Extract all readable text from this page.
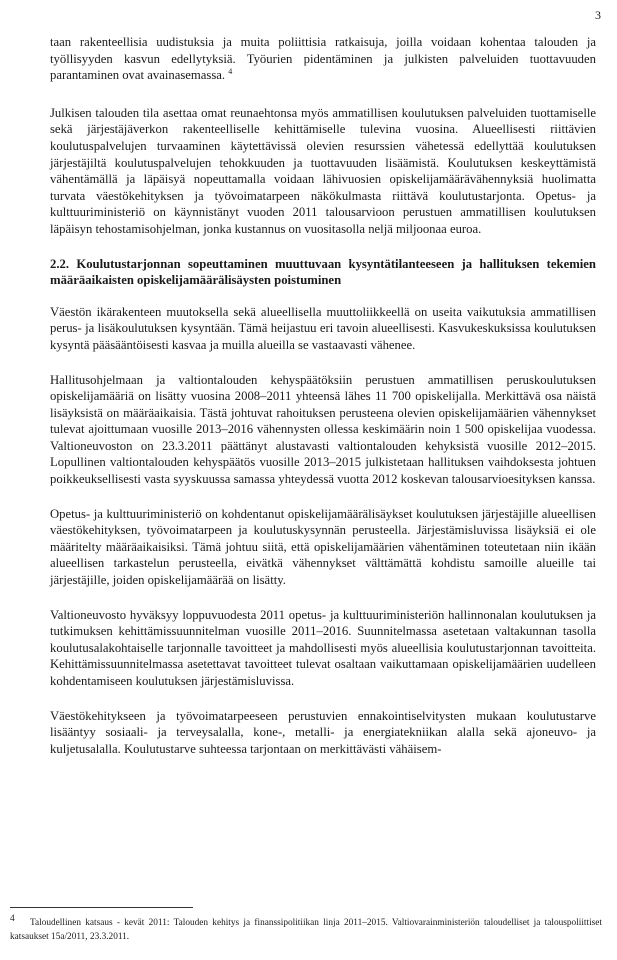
3

taan rakenteellisia uudistuksia ja muita poliittisia ratkaisuja, joilla voidaan kohentaa talouden ja työllisyyden kasvun edellytyksiä. Työurien pidentäminen ja julkisten palveluiden tuottavuuden parantaminen ovat avainasemassa. $^4$

Julkisen talouden tila asettaa omat reunaehtonsa myös ammatillisen koulutuksen palveluiden tuottamiselle sekä järjestäjäverkon rakenteelliselle kehittämiselle tulevina vuosina. Alueellisesti riittävien koulutuspalvelujen turvaaminen käytettävissä olevien resurssien vähetessä edellyttää koulutuksen järjestäjiltä koulutuspalvelujen tehokkuuden ja tuottavuuden lisäämistä. Koulutuksen keskeyttämistä vähentämällä ja läpäisyä nopeuttamalla voidaan lähivuosien opiskelijamäärävähennyksiä huolimatta turvata väestökehityksen ja työvoimatarpeen näkökulmasta riittävä koulutustarjonta. Opetus- ja kulttuuriministeriö on käynnistänyt vuoden 2011 talousarvioon perustuen ammatillisen koulutuksen läpäisyn tehostamisohjelman, jonka kustannus on vuositasolla neljä miljoonaa euroa.

2.2. Koulutustarjonnan sopeuttaminen muuttuvaan kysyntätilanteeseen ja hallituksen tekemien määräaikaisten opiskelijamäärälisäysten poistuminen

Väestön ikärakenteen muutoksella sekä alueellisella muuttoliikkeellä on useita vaikutuksia ammatillisen perus- ja lisäkoulutuksen kysyntään. Tämä heijastuu eri tavoin alueellisesti. Kasvukeskuksissa koulutuksen kysyntä pääsääntöisesti kasvaa ja muilla alueilla se vastaavasti vähenee.

Hallitusohjelmaan ja valtiontalouden kehyspäätöksiin perustuen ammatillisen peruskoulutuksen opiskelijamääriä on lisätty vuosina 2008–2011 yhteensä lähes 11 700 opiskelijalla. Merkittävä osa näistä lisäyksistä on määräaikaisia. Tästä johtuvat rahoituksen perusteena olevien opiskelijamäärien vähennykset tulevat ajoittumaan vuosille 2013–2016 vähennysten ollessa keskimäärin noin 1 500 opiskelijaa vuodessa. Valtioneuvoston on 23.3.2011 päättänyt alustavasti valtiontalouden kehyksistä vuosille 2012–2015. Lopullinen valtiontalouden kehyspäätös vuosille 2013–2015 julkistetaan hallituksen vaihdoksesta johtuen poikkeuksellisesti vasta syyskuussa samassa yhteydessä vuotta 2012 koskevan talousarvioesityksen kanssa.

Opetus- ja kulttuuriministeriö on kohdentanut opiskelijamäärälisäykset koulutuksen järjestäjille alueellisen väestökehityksen, työvoimatarpeen ja koulutuskysynnän perusteella. Järjestämisluvissa lisäyksiä ei ole määritelty määräaikaisiksi. Tämä johtuu siitä, että opiskelijamäärien vähentäminen toteutetaan niin ikään alueellisen tarkastelun perusteella, eivätkä vähennykset välttämättä kohdistu samoille alueille tai järjestäjille, joiden opiskelijamäärää on lisätty.

Valtioneuvosto hyväksyy loppuvuodesta 2011 opetus- ja kulttuuriministeriön hallinnonalan koulutuksen ja tutkimuksen kehittämissuunnitelman vuosille 2011–2016. Suunnitelmassa asetetaan valtakunnan tasolla koulutusalakohtaiselle tarjonnalle tavoitteet ja mahdollisesti myös alueellisia koulutustarjonnan tavoitteita. Kehittämissuunnitelmassa asetettavat tavoitteet tulevat osaltaan vaikuttamaan opiskelijamäärien uudelleen kohdentamiseen koulutuksen järjestämisluvissa.

Väestökehitykseen ja työvoimatarpeeseen perustuvien ennakointiselvitysten mukaan koulutustarve lisääntyy sosiaali- ja terveysalalla, kone-, metalli- ja energiatekniikan alalla sekä ajoneuvo- ja kuljetusalalla. Koulutustarve suhteessa tarjontaan on merkittävästi vähäisem-

$^4$ Taloudellinen katsaus - kevät 2011: Talouden kehitys ja finanssipolitiikan linja 2011–2015. Valtiovarainministeriön taloudelliset ja talouspoliittiset katsaukset 15a/2011, 23.3.2011.
